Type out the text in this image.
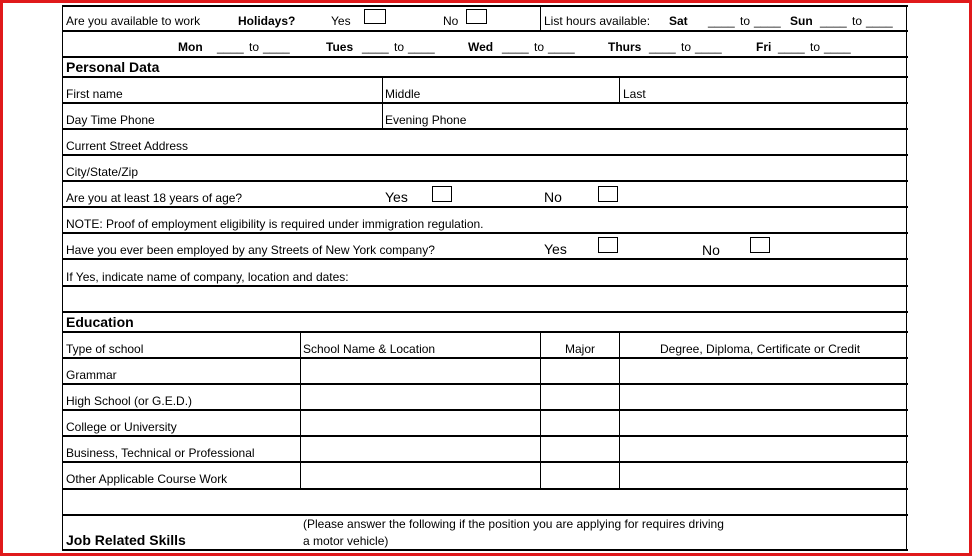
Are you available to work	Holidays?	Yes	No	List hours available: Sat ____ to ____ Sun ____ to ____
Mon ____ to ____	Tues ____ to ____	Wed ____ to ____	Thurs ____ to ____	Fri ____ to ____
Personal Data
First name	Middle	Last
Day Time Phone	Evening Phone
Current Street Address
City/State/Zip
Are you at least 18 years of age?	Yes	No
NOTE: Proof of employment eligibility is required under immigration regulation.
Have you ever been employed by any Streets of New York company?	Yes	No
If Yes, indicate name of company, location and dates:
Education
Type of school	School Name & Location	Major	Degree, Diploma, Certificate or Credit
Grammar
High School (or G.E.D.)
College or University
Business, Technical or Professional
Other Applicable Course Work
Job Related Skills
(Please answer the following if the position you are applying for requires driving
a motor vehicle)
